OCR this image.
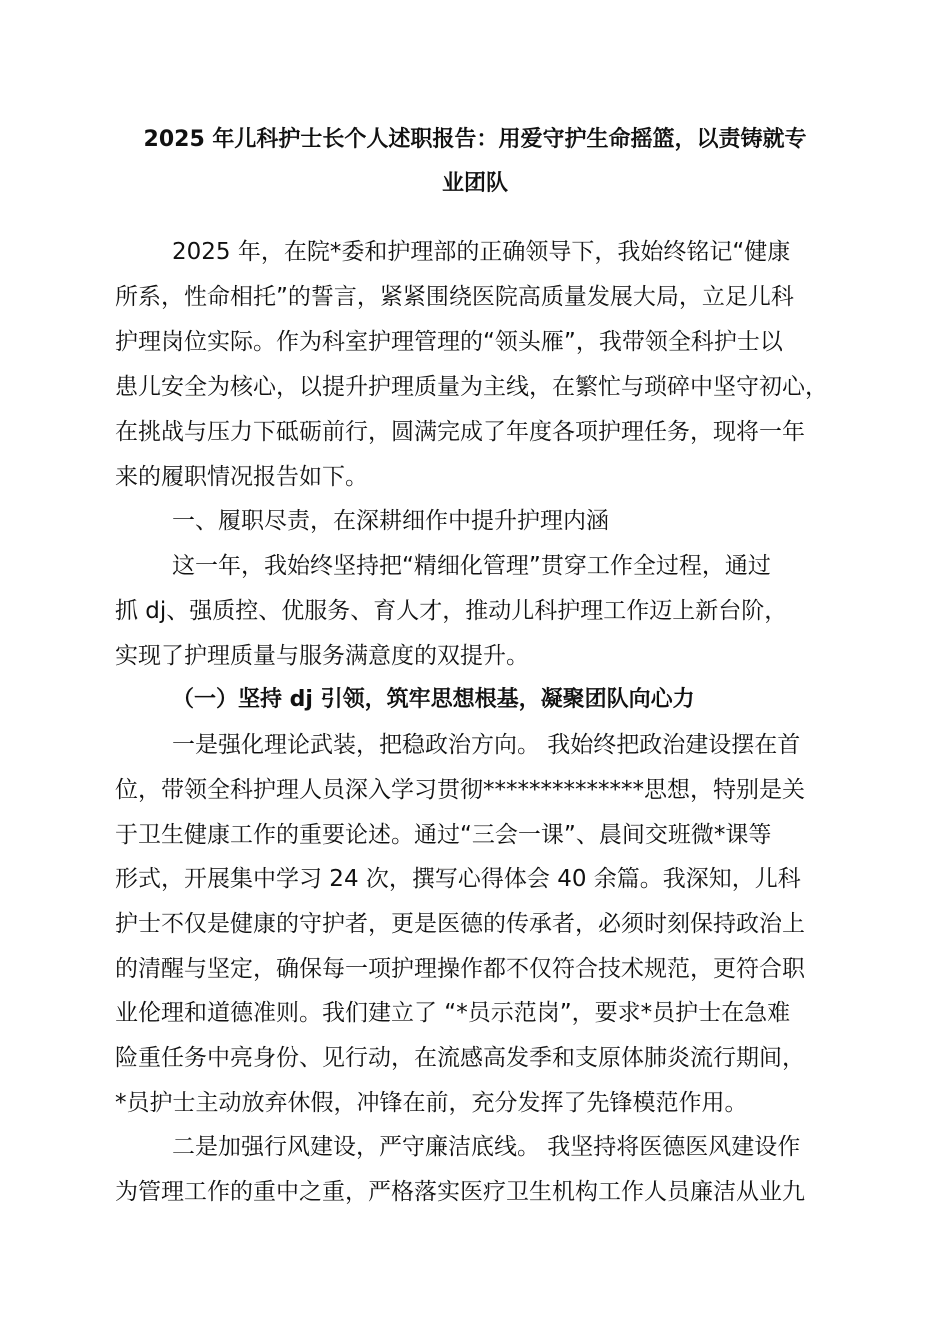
2025 年儿科护士长个人述职报告：用爱守护生命摇篮，以责铸就专
业团队
2025 年，在院*委和护理部的正确领导下，我始终铭记“健康
所系，性命相托”的誓言，紧紧围绕医院高质量发展大局，立足儿科
护理岗位实际。作为科室护理管理的“领头雁”，我带领全科护士以
患儿安全为核心，以提升护理质量为主线，在繁忙与琐碎中坚守初心，
在挑战与压力下砥砺前行，圆满完成了年度各项护理任务，现将一年
来的履职情况报告如下。
一、履职尽责，在深耕细作中提升护理内涵
这一年，我始终坚持把“精细化管理”贯穿工作全过程，通过
抓 dj、强质控、优服务、育人才，推动儿科护理工作迈上新台阶，
实现了护理质量与服务满意度的双提升。
（一）坚持 dj 引领，筑牢思想根基，凝聚团队向心力
一是强化理论武装，把稳政治方向。 我始终把政治建设摆在首
位，带领全科护理人员深入学习贯彻**************思想，特别是关
于卫生健康工作的重要论述。通过“三会一课”、晨间交班微*课等
形式，开展集中学习 24 次，撰写心得体会 40 余篇。我深知，儿科
护士不仅是健康的守护者，更是医德的传承者，必须时刻保持政治上
的清醒与坚定，确保每一项护理操作都不仅符合技术规范，更符合职
业伦理和道德准则。我们建立了 “*员示范岗”，要求*员护士在急难
险重任务中亮身份、见行动，在流感高发季和支原体肺炎流行期间，
*员护士主动放弃休假，冲锋在前，充分发挥了先锋模范作用。
二是加强行风建设，严守廉洁底线。 我坚持将医德医风建设作
为管理工作的重中之重，严格落实医疗卫生机构工作人员廉洁从业九
